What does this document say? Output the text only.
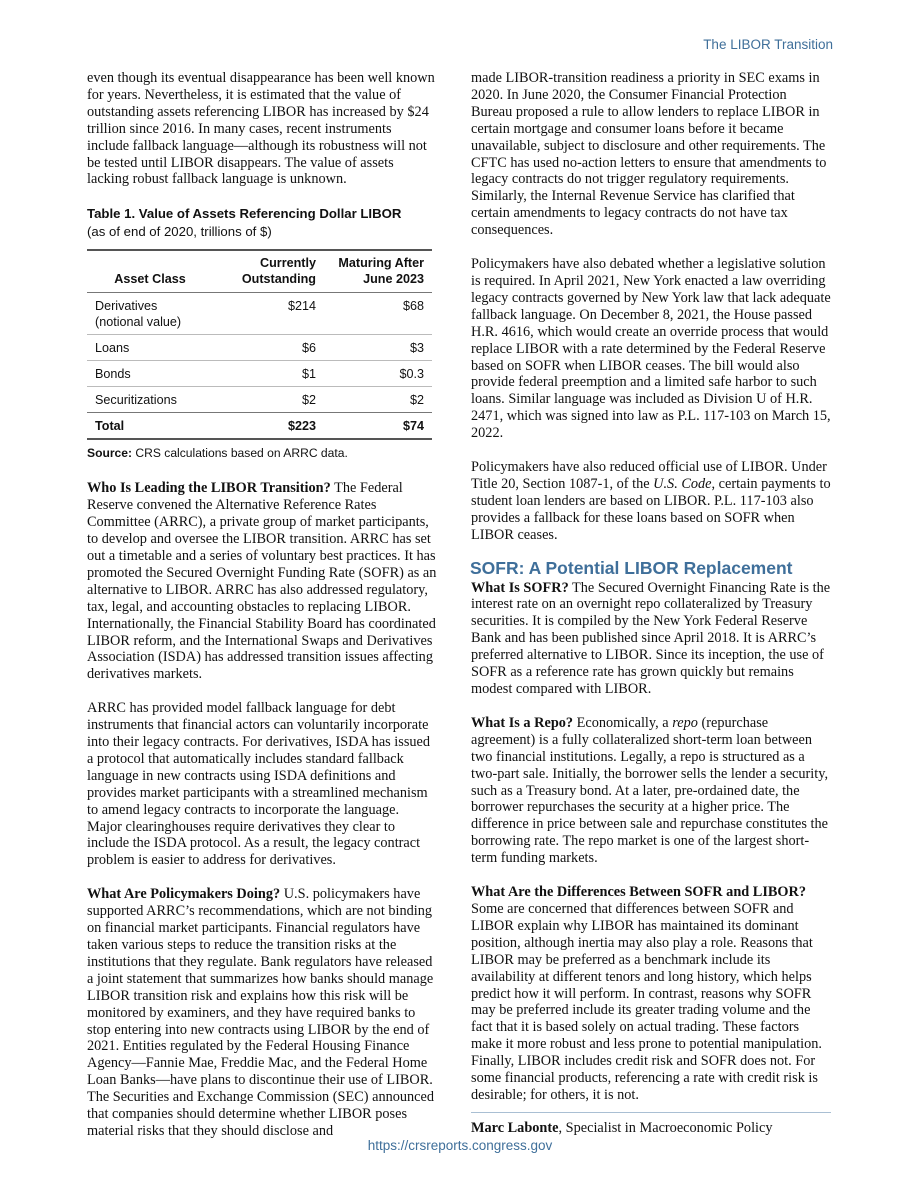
The LIBOR Transition

even though its eventual disappearance has been well known for years. Nevertheless, it is estimated that the value of outstanding assets referencing LIBOR has increased by $24 trillion since 2016. In many cases, recent instruments include fallback language—although its robustness will not be tested until LIBOR disappears. The value of assets lacking robust fallback language is unknown.

Table 1. Value of Assets Referencing Dollar LIBOR
(as of end of 2020, trillions of $)
Asset Class	Currently Outstanding	Maturing After June 2023
Derivatives (notional value)	$214	$68
Loans	$6	$3
Bonds	$1	$0.3
Securitizations	$2	$2
Total	$223	$74
Source: CRS calculations based on ARRC data.

Who Is Leading the LIBOR Transition? The Federal Reserve convened the Alternative Reference Rates Committee (ARRC), a private group of market participants, to develop and oversee the LIBOR transition. ARRC has set out a timetable and a series of voluntary best practices. It has promoted the Secured Overnight Funding Rate (SOFR) as an alternative to LIBOR. ARRC has also addressed regulatory, tax, legal, and accounting obstacles to replacing LIBOR. Internationally, the Financial Stability Board has coordinated LIBOR reform, and the International Swaps and Derivatives Association (ISDA) has addressed transition issues affecting derivatives markets.

ARRC has provided model fallback language for debt instruments that financial actors can voluntarily incorporate into their legacy contracts. For derivatives, ISDA has issued a protocol that automatically includes standard fallback language in new contracts using ISDA definitions and provides market participants with a streamlined mechanism to amend legacy contracts to incorporate the language. Major clearinghouses require derivatives they clear to include the ISDA protocol. As a result, the legacy contract problem is easier to address for derivatives.

What Are Policymakers Doing? U.S. policymakers have supported ARRC’s recommendations, which are not binding on financial market participants. Financial regulators have taken various steps to reduce the transition risks at the institutions that they regulate. Bank regulators have released a joint statement that summarizes how banks should manage LIBOR transition risk and explains how this risk will be monitored by examiners, and they have required banks to stop entering into new contracts using LIBOR by the end of 2021. Entities regulated by the Federal Housing Finance Agency—Fannie Mae, Freddie Mac, and the Federal Home Loan Banks—have plans to discontinue their use of LIBOR. The Securities and Exchange Commission (SEC) announced that companies should determine whether LIBOR poses material risks that they should disclose and

made LIBOR-transition readiness a priority in SEC exams in 2020. In June 2020, the Consumer Financial Protection Bureau proposed a rule to allow lenders to replace LIBOR in certain mortgage and consumer loans before it became unavailable, subject to disclosure and other requirements. The CFTC has used no-action letters to ensure that amendments to legacy contracts do not trigger regulatory requirements. Similarly, the Internal Revenue Service has clarified that certain amendments to legacy contracts do not have tax consequences.

Policymakers have also debated whether a legislative solution is required. In April 2021, New York enacted a law overriding legacy contracts governed by New York law that lack adequate fallback language. On December 8, 2021, the House passed H.R. 4616, which would create an override process that would replace LIBOR with a rate determined by the Federal Reserve based on SOFR when LIBOR ceases. The bill would also provide federal preemption and a limited safe harbor to such loans. Similar language was included as Division U of H.R. 2471, which was signed into law as P.L. 117-103 on March 15, 2022.

Policymakers have also reduced official use of LIBOR. Under Title 20, Section 1087-1, of the U.S. Code, certain payments to student loan lenders are based on LIBOR. P.L. 117-103 also provides a fallback for these loans based on SOFR when LIBOR ceases.

SOFR: A Potential LIBOR Replacement

What Is SOFR? The Secured Overnight Financing Rate is the interest rate on an overnight repo collateralized by Treasury securities. It is compiled by the New York Federal Reserve Bank and has been published since April 2018. It is ARRC’s preferred alternative to LIBOR. Since its inception, the use of SOFR as a reference rate has grown quickly but remains modest compared with LIBOR.

What Is a Repo? Economically, a repo (repurchase agreement) is a fully collateralized short-term loan between two financial institutions. Legally, a repo is structured as a two-part sale. Initially, the borrower sells the lender a security, such as a Treasury bond. At a later, pre-ordained date, the borrower repurchases the security at a higher price. The difference in price between sale and repurchase constitutes the borrowing rate. The repo market is one of the largest short-term funding markets.

What Are the Differences Between SOFR and LIBOR? Some are concerned that differences between SOFR and LIBOR explain why LIBOR has maintained its dominant position, although inertia may also play a role. Reasons that LIBOR may be preferred as a benchmark include its availability at different tenors and long history, which helps predict how it will perform. In contrast, reasons why SOFR may be preferred include its greater trading volume and the fact that it is based solely on actual trading. These factors make it more robust and less prone to potential manipulation. Finally, LIBOR includes credit risk and SOFR does not. For some financial products, referencing a rate with credit risk is desirable; for others, it is not.

Marc Labonte, Specialist in Macroeconomic Policy

https://crsreports.congress.gov
